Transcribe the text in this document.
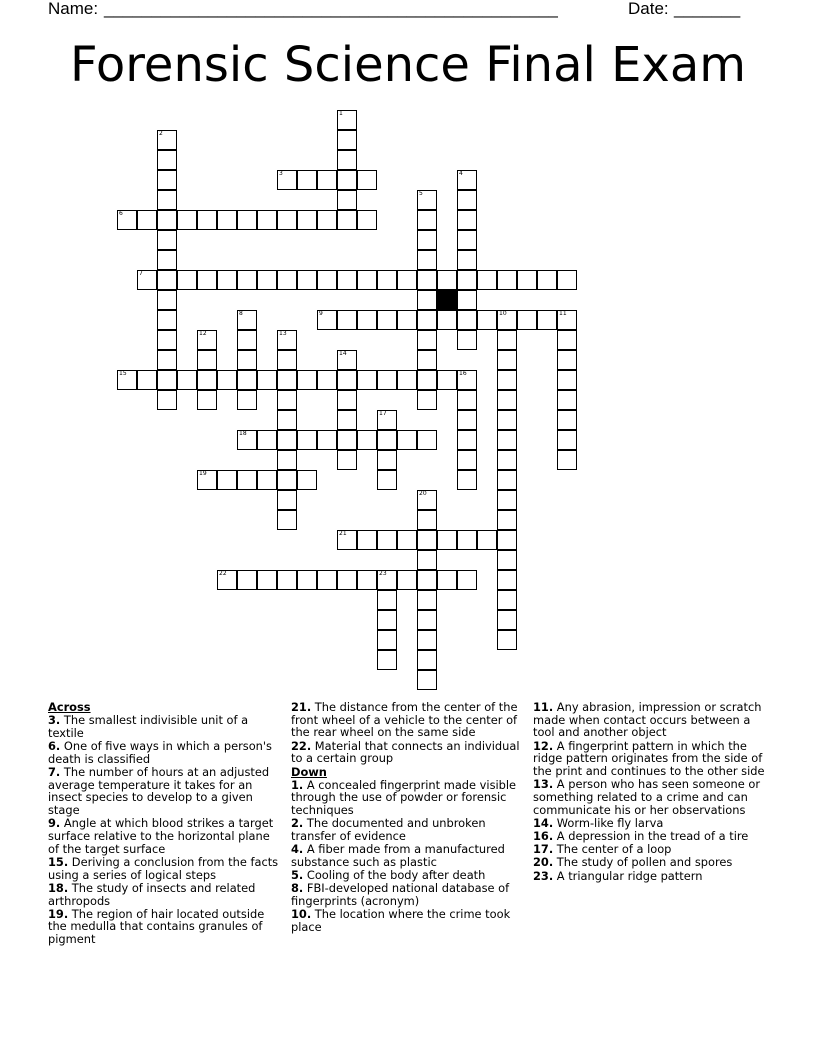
Name: ________________________________________________	Date: _______
Forensic Science Final Exam
1
2
3	4
5
6
7
8	9	10	11
12	13
14
15	16
17
18
19
20
21
22	23
Across
3. The smallest indivisible unit of a textile
6. One of five ways in which a person's death is classified
7. The number of hours at an adjusted average temperature it takes for an insect species to develop to a given stage
9. Angle at which blood strikes a target surface relative to the horizontal plane of the target surface
15. Deriving a conclusion from the facts using a series of logical steps
18. The study of insects and related arthropods
19. The region of hair located outside the medulla that contains granules of pigment
21. The distance from the center of the front wheel of a vehicle to the center of the rear wheel on the same side
22. Material that connects an individual to a certain group
Down
1. A concealed fingerprint made visible through the use of powder or forensic techniques
2. The documented and unbroken transfer of evidence
4. A fiber made from a manufactured substance such as plastic
5. Cooling of the body after death
8. FBI-developed national database of fingerprints (acronym)
10. The location where the crime took place
11. Any abrasion, impression or scratch made when contact occurs between a tool and another object
12. A fingerprint pattern in which the ridge pattern originates from the side of the print and continues to the other side
13. A person who has seen someone or something related to a crime and can communicate his or her observations
14. Worm-like fly larva
16. A depression in the tread of a tire
17. The center of a loop
20. The study of pollen and spores
23. A triangular ridge pattern
